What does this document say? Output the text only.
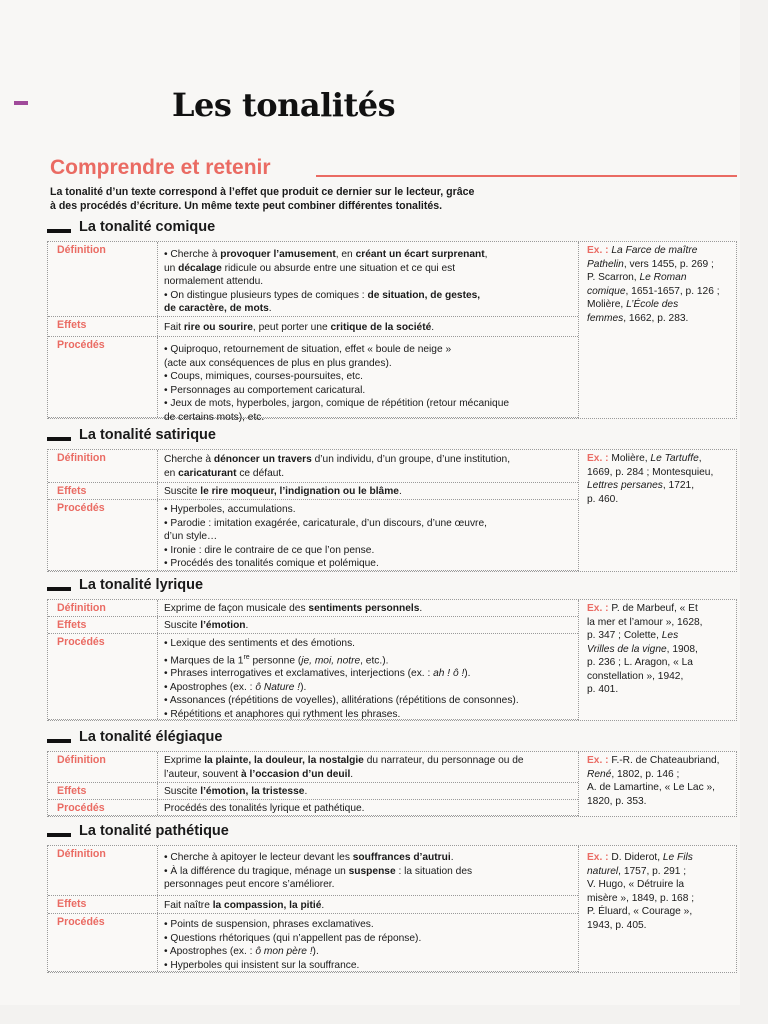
Les tonalités
Comprendre et retenir

La tonalité d’un texte correspond à l’effet que produit ce dernier sur le lecteur, grâce
à des procédés d’écriture. Un même texte peut combiner différentes tonalités.

La tonalité comique
Définition	• Cherche à provoquer l’amusement, en créant un écart surprenant,

un décalage ridicule ou absurde entre une situation et ce qui est

normalement attendu.

• On distingue plusieurs types de comiques : de situation, de gestes,

de caractère, de mots.

Effets	Fait rire ou sourire, peut porter une critique de la société.

Procédés	• Quiproquo, retournement de situation, effet « boule de neige »

(acte aux conséquences de plus en plus grandes).

• Coups, mimiques, courses-poursuites, etc.

• Personnages au comportement caricatural.

• Jeux de mots, hyperboles, jargon, comique de répétition (retour mécanique

de certains mots), etc.

Ex. : La Farce de maître

Pathelin, vers 1455, p. 269 ;

P. Scarron, Le Roman

comique, 1651-1657, p. 126 ;

Molière, L’École des

femmes, 1662, p. 283.

La tonalité satirique
Définition	Cherche à dénoncer un travers d’un individu, d’un groupe, d’une institution,

en caricaturant ce défaut.

Effets	Suscite le rire moqueur, l’indignation ou le blâme.

Procédés	• Hyperboles, accumulations.

• Parodie : imitation exagérée, caricaturale, d’un discours, d’une œuvre,

d’un style…

• Ironie : dire le contraire de ce que l’on pense.

• Procédés des tonalités comique et polémique.

Ex. : Molière, Le Tartuffe,

1669, p. 284 ; Montesquieu,

Lettres persanes, 1721,

p. 460.

La tonalité lyrique
Définition	Exprime de façon musicale des sentiments personnels.

Effets	Suscite l’émotion.

Procédés	• Lexique des sentiments et des émotions.

• Marques de la 1re personne (je, moi, notre, etc.).

• Phrases interrogatives et exclamatives, interjections (ex. : ah ! ô !).

• Apostrophes (ex. : ô Nature !).

• Assonances (répétitions de voyelles), allitérations (répétitions de consonnes).

• Répétitions et anaphores qui rythment les phrases.

Ex. : P. de Marbeuf, « Et

la mer et l’amour », 1628,

p. 347 ; Colette, Les

Vrilles de la vigne, 1908,

p. 236 ; L. Aragon, « La

constellation », 1942,

p. 401.

La tonalité élégiaque
Définition	Exprime la plainte, la douleur, la nostalgie du narrateur, du personnage ou de

l’auteur, souvent à l’occasion d’un deuil.

Effets	Suscite l’émotion, la tristesse.

Procédés	Procédés des tonalités lyrique et pathétique.

Ex. : F.-R. de Chateaubriand,

René, 1802, p. 146 ;

A. de Lamartine, « Le Lac »,

1820, p. 353.

La tonalité pathétique
Définition	• Cherche à apitoyer le lecteur devant les souffrances d’autrui.

• À la différence du tragique, ménage un suspense : la situation des

personnages peut encore s’améliorer.

Effets	Fait naître la compassion, la pitié.

Procédés	• Points de suspension, phrases exclamatives.

• Questions rhétoriques (qui n’appellent pas de réponse).

• Apostrophes (ex. : ô mon père !).

• Hyperboles qui insistent sur la souffrance.

Ex. : D. Diderot, Le Fils

naturel, 1757, p. 291 ;

V. Hugo, « Détruire la

misère », 1849, p. 168 ;

P. Éluard, « Courage »,

1943, p. 405.
